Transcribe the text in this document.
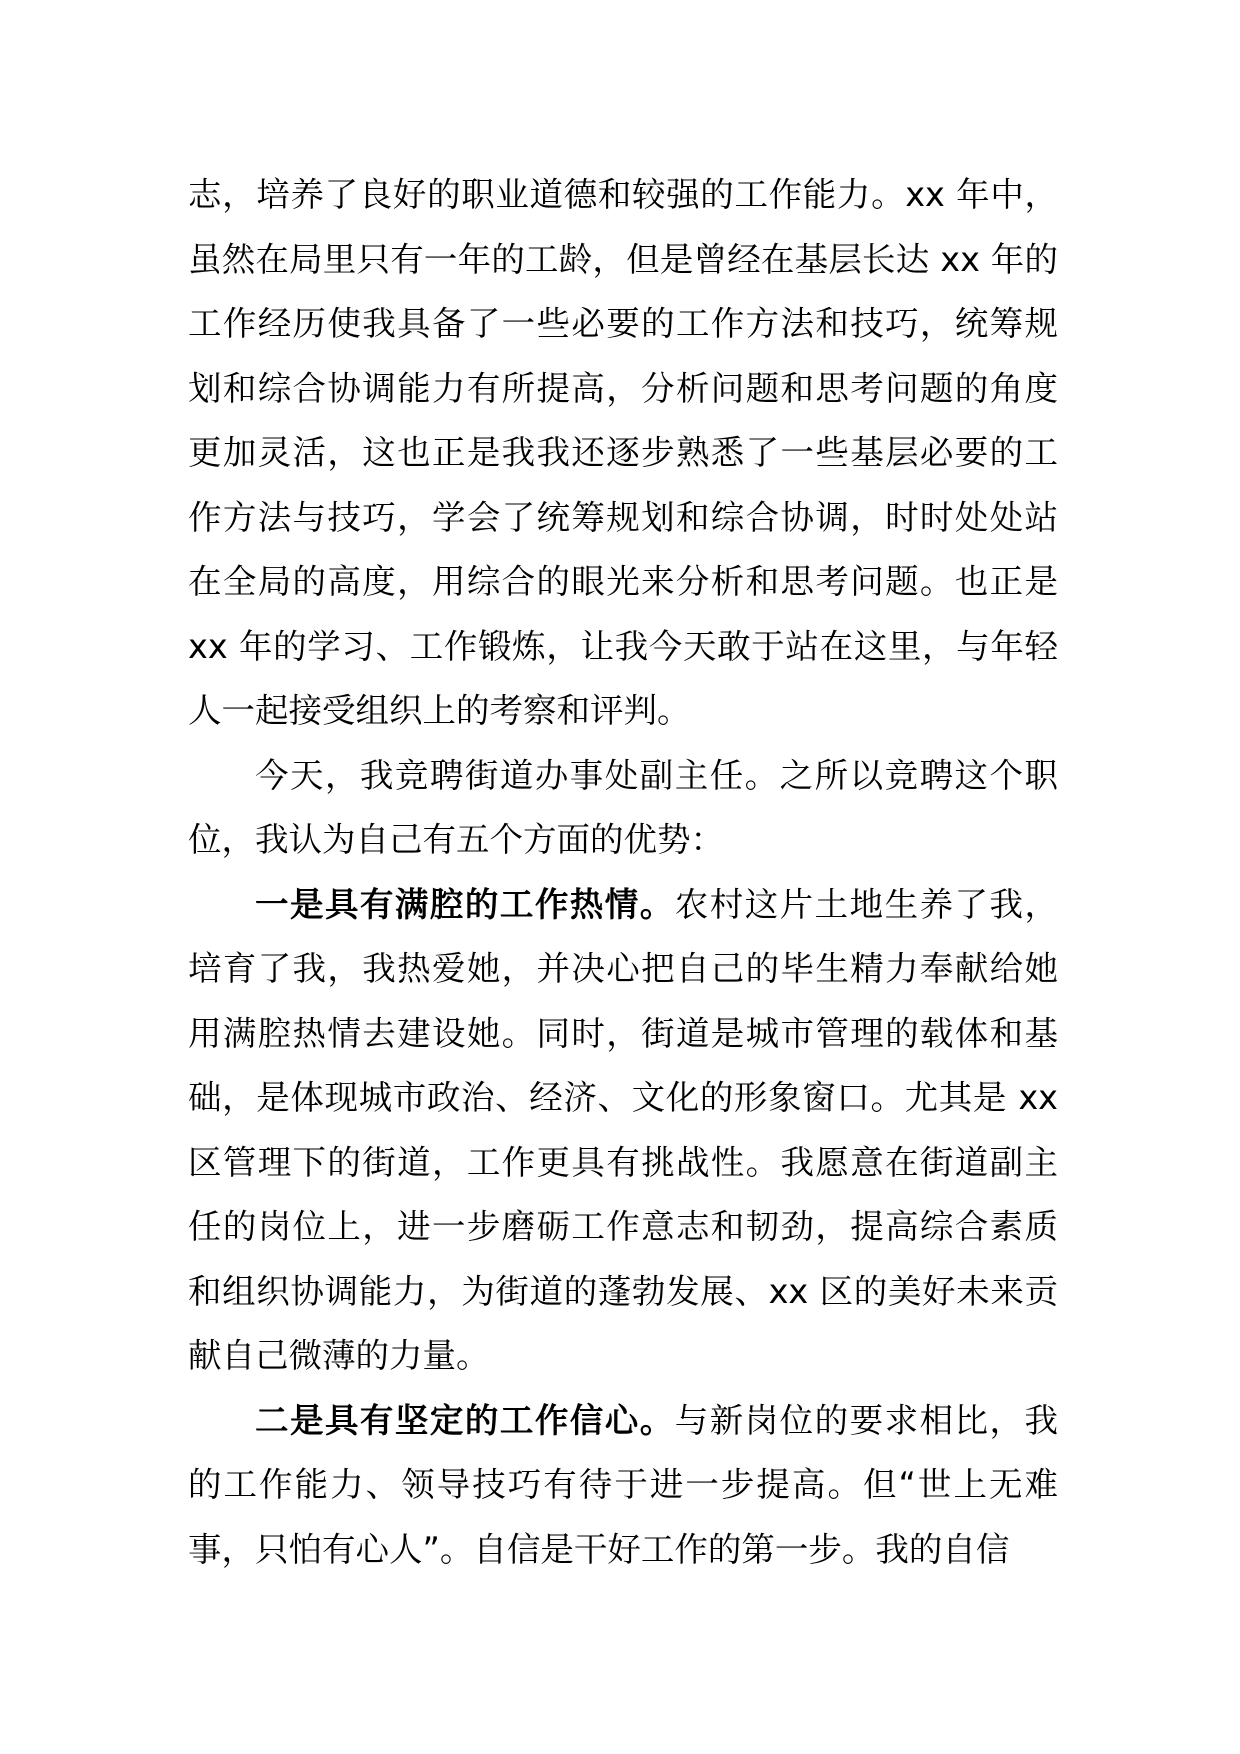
志，培养了良好的职业道德和较强的工作能力。xx 年中，虽然在局里只有一年的工龄，但是曾经在基层长达 xx 年的工作经历使我具备了一些必要的工作方法和技巧，统筹规划和综合协调能力有所提高，分析问题和思考问题的角度更加灵活，这也正是我我还逐步熟悉了一些基层必要的工作方法与技巧，学会了统筹规划和综合协调，时时处处站在全局的高度，用综合的眼光来分析和思考问题。也正是 xx 年的学习、工作锻炼，让我今天敢于站在这里，与年轻人一起接受组织上的考察和评判。

今天，我竞聘街道办事处副主任。之所以竞聘这个职位，我认为自己有五个方面的优势：

一是具有满腔的工作热情。农村这片土地生养了我，培育了我，我热爱她，并决心把自己的毕生精力奉献给她用满腔热情去建设她。同时，街道是城市管理的载体和基础，是体现城市政治、经济、文化的形象窗口。尤其是 xx 区管理下的街道，工作更具有挑战性。我愿意在街道副主任的岗位上，进一步磨砺工作意志和韧劲，提高综合素质和组织协调能力，为街道的蓬勃发展、xx 区的美好未来贡献自己微薄的力量。

二是具有坚定的工作信心。与新岗位的要求相比，我的工作能力、领导技巧有待于进一步提高。但“世上无难事，只怕有心人”。自信是干好工作的第一步。我的自信
